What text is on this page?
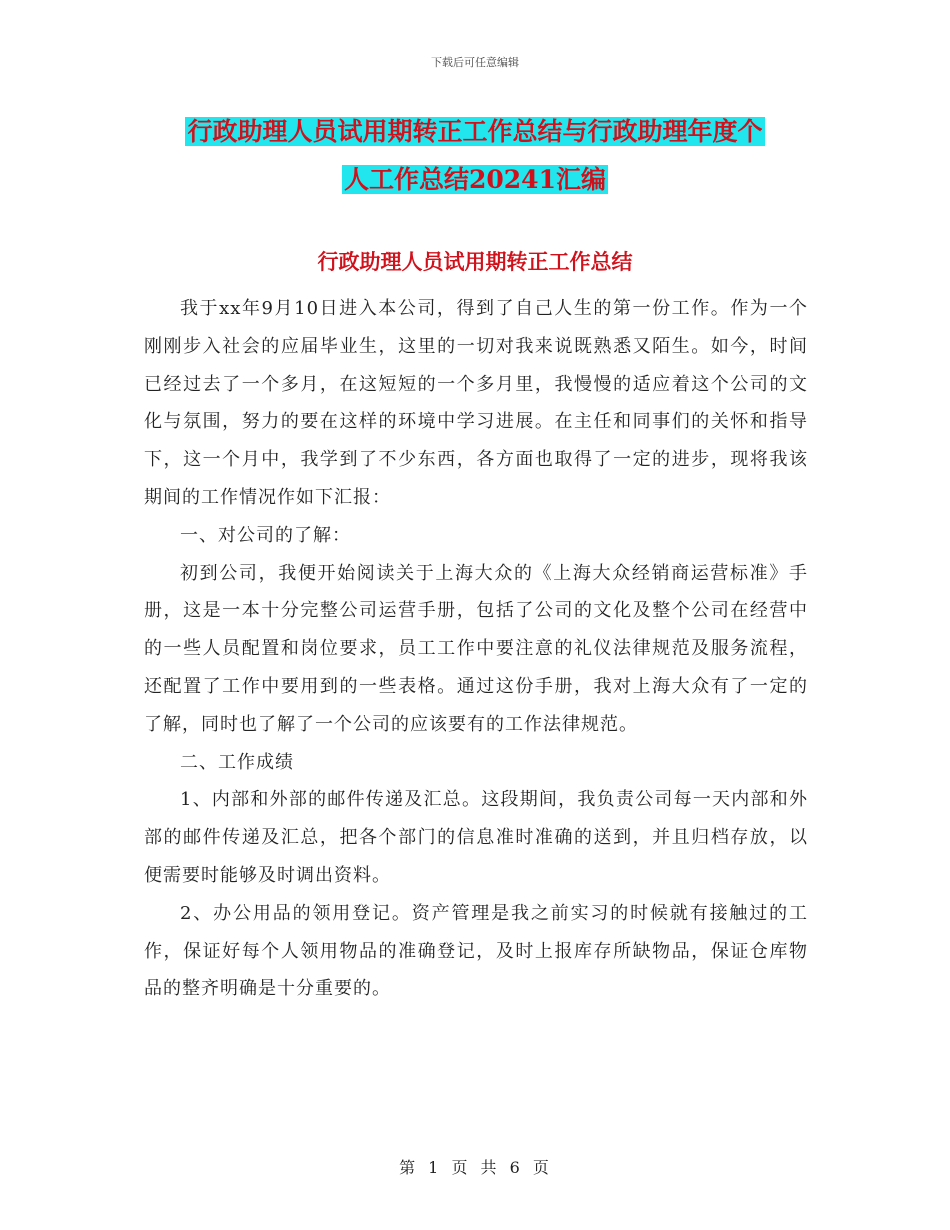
下载后可任意编辑
行政助理人员试用期转正工作总结与行政助理年度个
人工作总结20241汇编
行政助理人员试用期转正工作总结

我于xx年9月10日进入本公司，得到了自己人生的第一份工作。作为一个刚刚步入社会的应届毕业生，这里的一切对我来说既熟悉又陌生。如今，时间已经过去了一个多月，在这短短的一个多月里，我慢慢的适应着这个公司的文化与氛围，努力的要在这样的环境中学习进展。在主任和同事们的关怀和指导下，这一个月中，我学到了不少东西，各方面也取得了一定的进步，现将我该期间的工作情况作如下汇报：

一、对公司的了解：

初到公司，我便开始阅读关于上海大众的《上海大众经销商运营标准》手册，这是一本十分完整公司运营手册，包括了公司的文化及整个公司在经营中的一些人员配置和岗位要求，员工工作中要注意的礼仪法律规范及服务流程，还配置了工作中要用到的一些表格。通过这份手册，我对上海大众有了一定的了解，同时也了解了一个公司的应该要有的工作法律规范。

二、工作成绩

1、内部和外部的邮件传递及汇总。这段期间，我负责公司每一天内部和外部的邮件传递及汇总，把各个部门的信息准时准确的送到，并且归档存放，以便需要时能够及时调出资料。

2、办公用品的领用登记。资产管理是我之前实习的时候就有接触过的工作，保证好每个人领用物品的准确登记，及时上报库存所缺物品，保证仓库物品的整齐明确是十分重要的。

第 1 页 共 6 页
